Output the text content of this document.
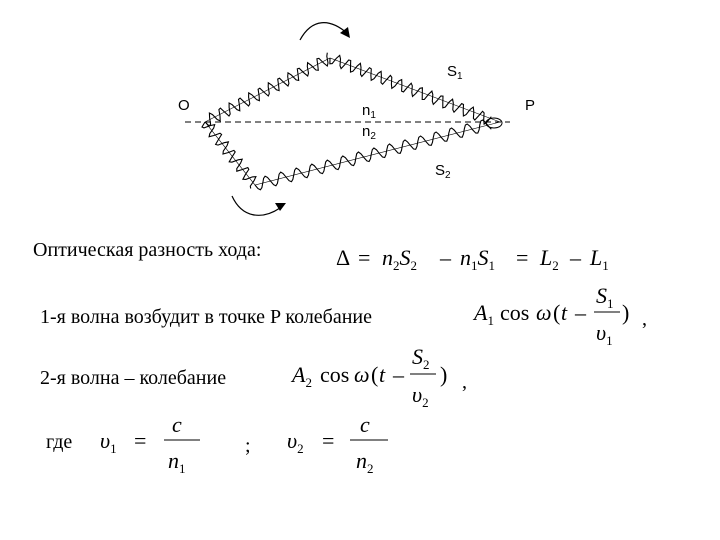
O	P
$S_1$
$S_2$
$n_1$
$n_2$
Оптическая разность хода:
1-я волна возбудит в точке P колебание
2-я волна – колебание
где	;
,
,
$\Delta = n_2S_2 - n_1S_1 = L_2 - L_1$
$A_1$ cos ω ( t –
$S_1$
$\upsilon_1$
)
$A_2$ cos ω ( t –
$S_2$
$\upsilon_2$
)
$\upsilon_1$ =
c
$n_1$
$\upsilon_2$ =
c
$n_2$
